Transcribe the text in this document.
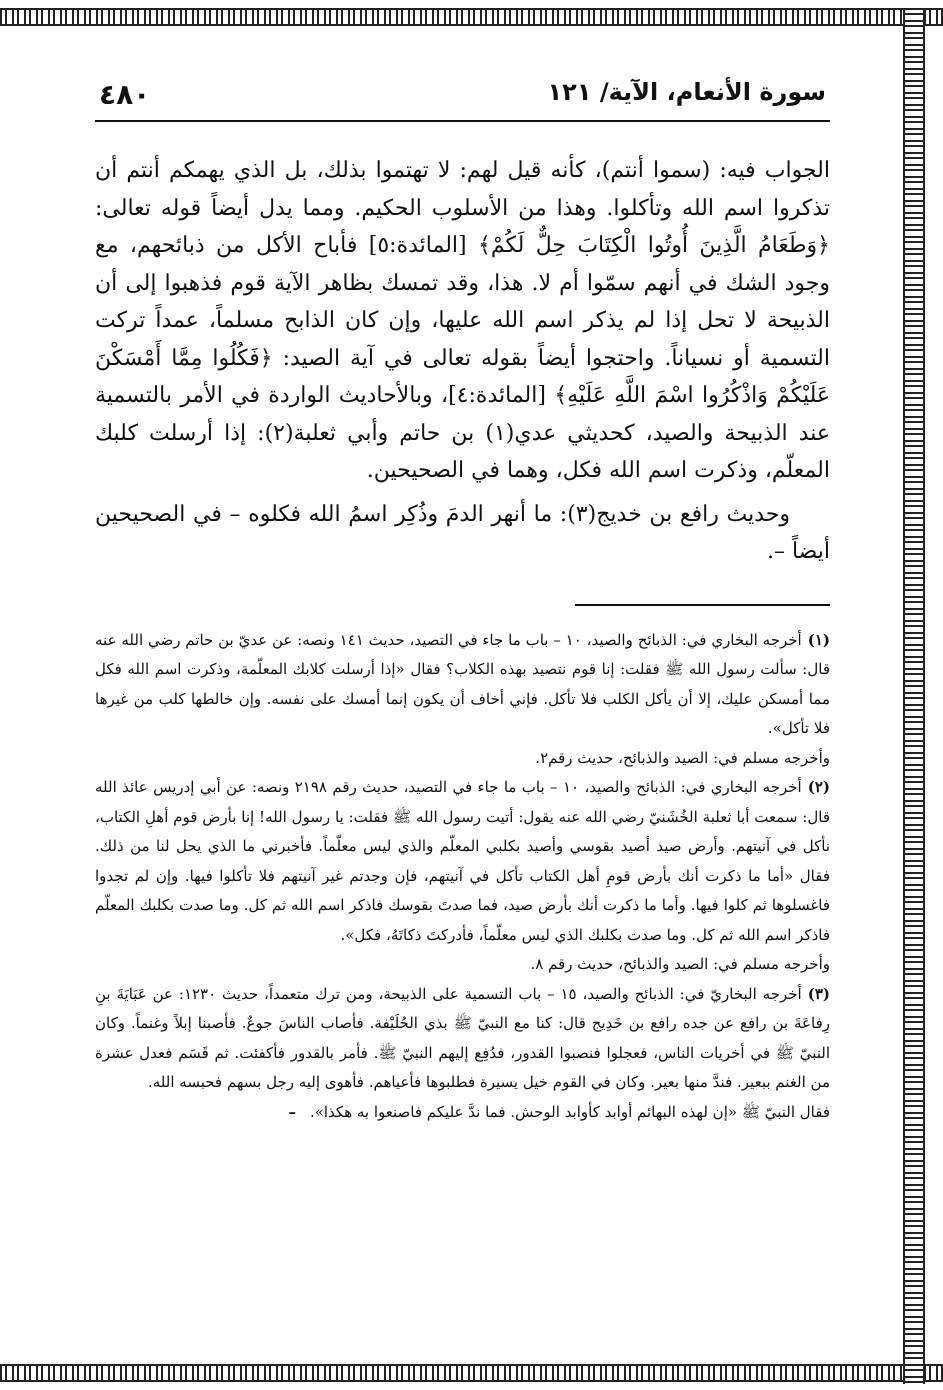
سورة الأنعام، الآية/ ١٢١
٤٨٠

الجواب فيه: (سموا أنتم)، كأنه قيل لهم: لا تهتموا بذلك، بل الذي يهمكم أنتم أن تذكروا اسم الله وتأكلوا. وهذا من الأسلوب الحكيم. ومما يدل أيضاً قوله تعالى: ﴿وَطَعَامُ الَّذِينَ أُوتُوا الْكِتَابَ حِلٌّ لَكُمْ﴾ [المائدة:٥] فأباح الأكل من ذبائحهم، مع وجود الشك في أنهم سمّوا أم لا. هذا، وقد تمسك بظاهر الآية قوم فذهبوا إلى أن الذبيحة لا تحل إذا لم يذكر اسم الله عليها، وإن كان الذابح مسلماً، عمداً تركت التسمية أو نسياناً. واحتجوا أيضاً بقوله تعالى في آية الصيد: ﴿فَكُلُوا مِمَّا أَمْسَكْنَ عَلَيْكُمْ وَاذْكُرُوا اسْمَ اللَّهِ عَلَيْهِ﴾ [المائدة:٤]، وبالأحاديث الواردة في الأمر بالتسمية عند الذبيحة والصيد، كحديثي عدي(١) بن حاتم وأبي ثعلبة(٢): إذا أرسلت كلبك المعلّم، وذكرت اسم الله فكل، وهما في الصحيحين.

وحديث رافع بن خديج(٣): ما أنهر الدمَ وذُكِر اسمُ الله فكلوه – في الصحيحين أيضاً –.

(١)أخرجه البخاري في: الذبائح والصيد، ١٠ – باب ما جاء في التصيد، حديث ١٤١ ونصه: عن عديّ بن حاتم رضي الله عنه قال: سألت رسول الله ﷺ فقلت: إنا قوم نتصيد بهذه الكلاب؟ فقال «إذا أرسلت كلابك المعلّمة، وذكرت اسم الله فكل مما أمسكن عليك، إلا أن يأكل الكلب فلا تأكل. فإني أخاف أن يكون إنما أمسك على نفسه. وإن خالطها كلب من غيرها فلا تأكل».

وأخرجه مسلم في: الصيد والذبائح، حديث رقم٢.

(٢)أخرجه البخاري في: الذبائح والصيد، ١٠ – باب ما جاء في التصيد، حديث رقم ٢١٩٨ ونصه: عن أبي إدريس عائذ الله قال: سمعت أبا ثعلبة الخُشَنيّ رضي الله عنه يقول: أتيت رسول الله ﷺ فقلت: يا رسول الله! إنا بأرض قوم أهلِ الكتاب، نأكل في آنيتهم. وأرض صيد أصيد بقوسي وأصيد بكلبي المعلّم والذي ليس معلّماً. فأخبرني ما الذي يحل لنا من ذلك. فقال «أما ما ذكرت أنك بأرض قومِ أهل الكتاب تأكل في آنيتهم، فإن وجدتم غير آنيتهم فلا تأكلوا فيها. وإن لم تجدوا فاغسلوها ثم كلوا فيها. وأما ما ذكرت أنك بأرض صيد، فما صدتَ بقوسك فاذكر اسم الله ثم كل. وما صدت بكلبك المعلّم فاذكر اسم الله ثم كل. وما صدت بكلبك الذي ليس معلّماً، فأدركتَ ذكاتَهُ، فكل».

وأخرجه مسلم في: الصيد والذبائح، حديث رقم ٨.

(٣)أخرجه البخاريّ في: الذبائح والصيد، ١٥ – باب التسمية على الذبيحة، ومن ترك متعمداً، حديث ١٢٣٠: عن عَبَايَةَ بنِ رِفاعَةَ بن رافع عن جده رافع بن خَدِيج قال: كنا مع النبيّ ﷺ بذي الحُلَيْفة. فأصاب الناسَ جوعٌ. فأصبنا إبلاً وغنماً. وكان النبيّ ﷺ في أخريات الناس، فعجلوا فنصبوا القدور، فدُفِع إليهم النبيّ ﷺ. فأمر بالقدور فأكفئت. ثم قَسَم فعدل عشرة من الغنم ببعير. فندَّ منها بعير. وكان في القوم خيل يسيرة فطلبوها فأعياهم. فأهوى إليه رجل بسهم فحبسه الله.

فقال النبيّ ﷺ «إن لهذه البهائم أوابد كأوابد الوحش. فما ندَّ عليكم فاصنعوا به هكذا».–
